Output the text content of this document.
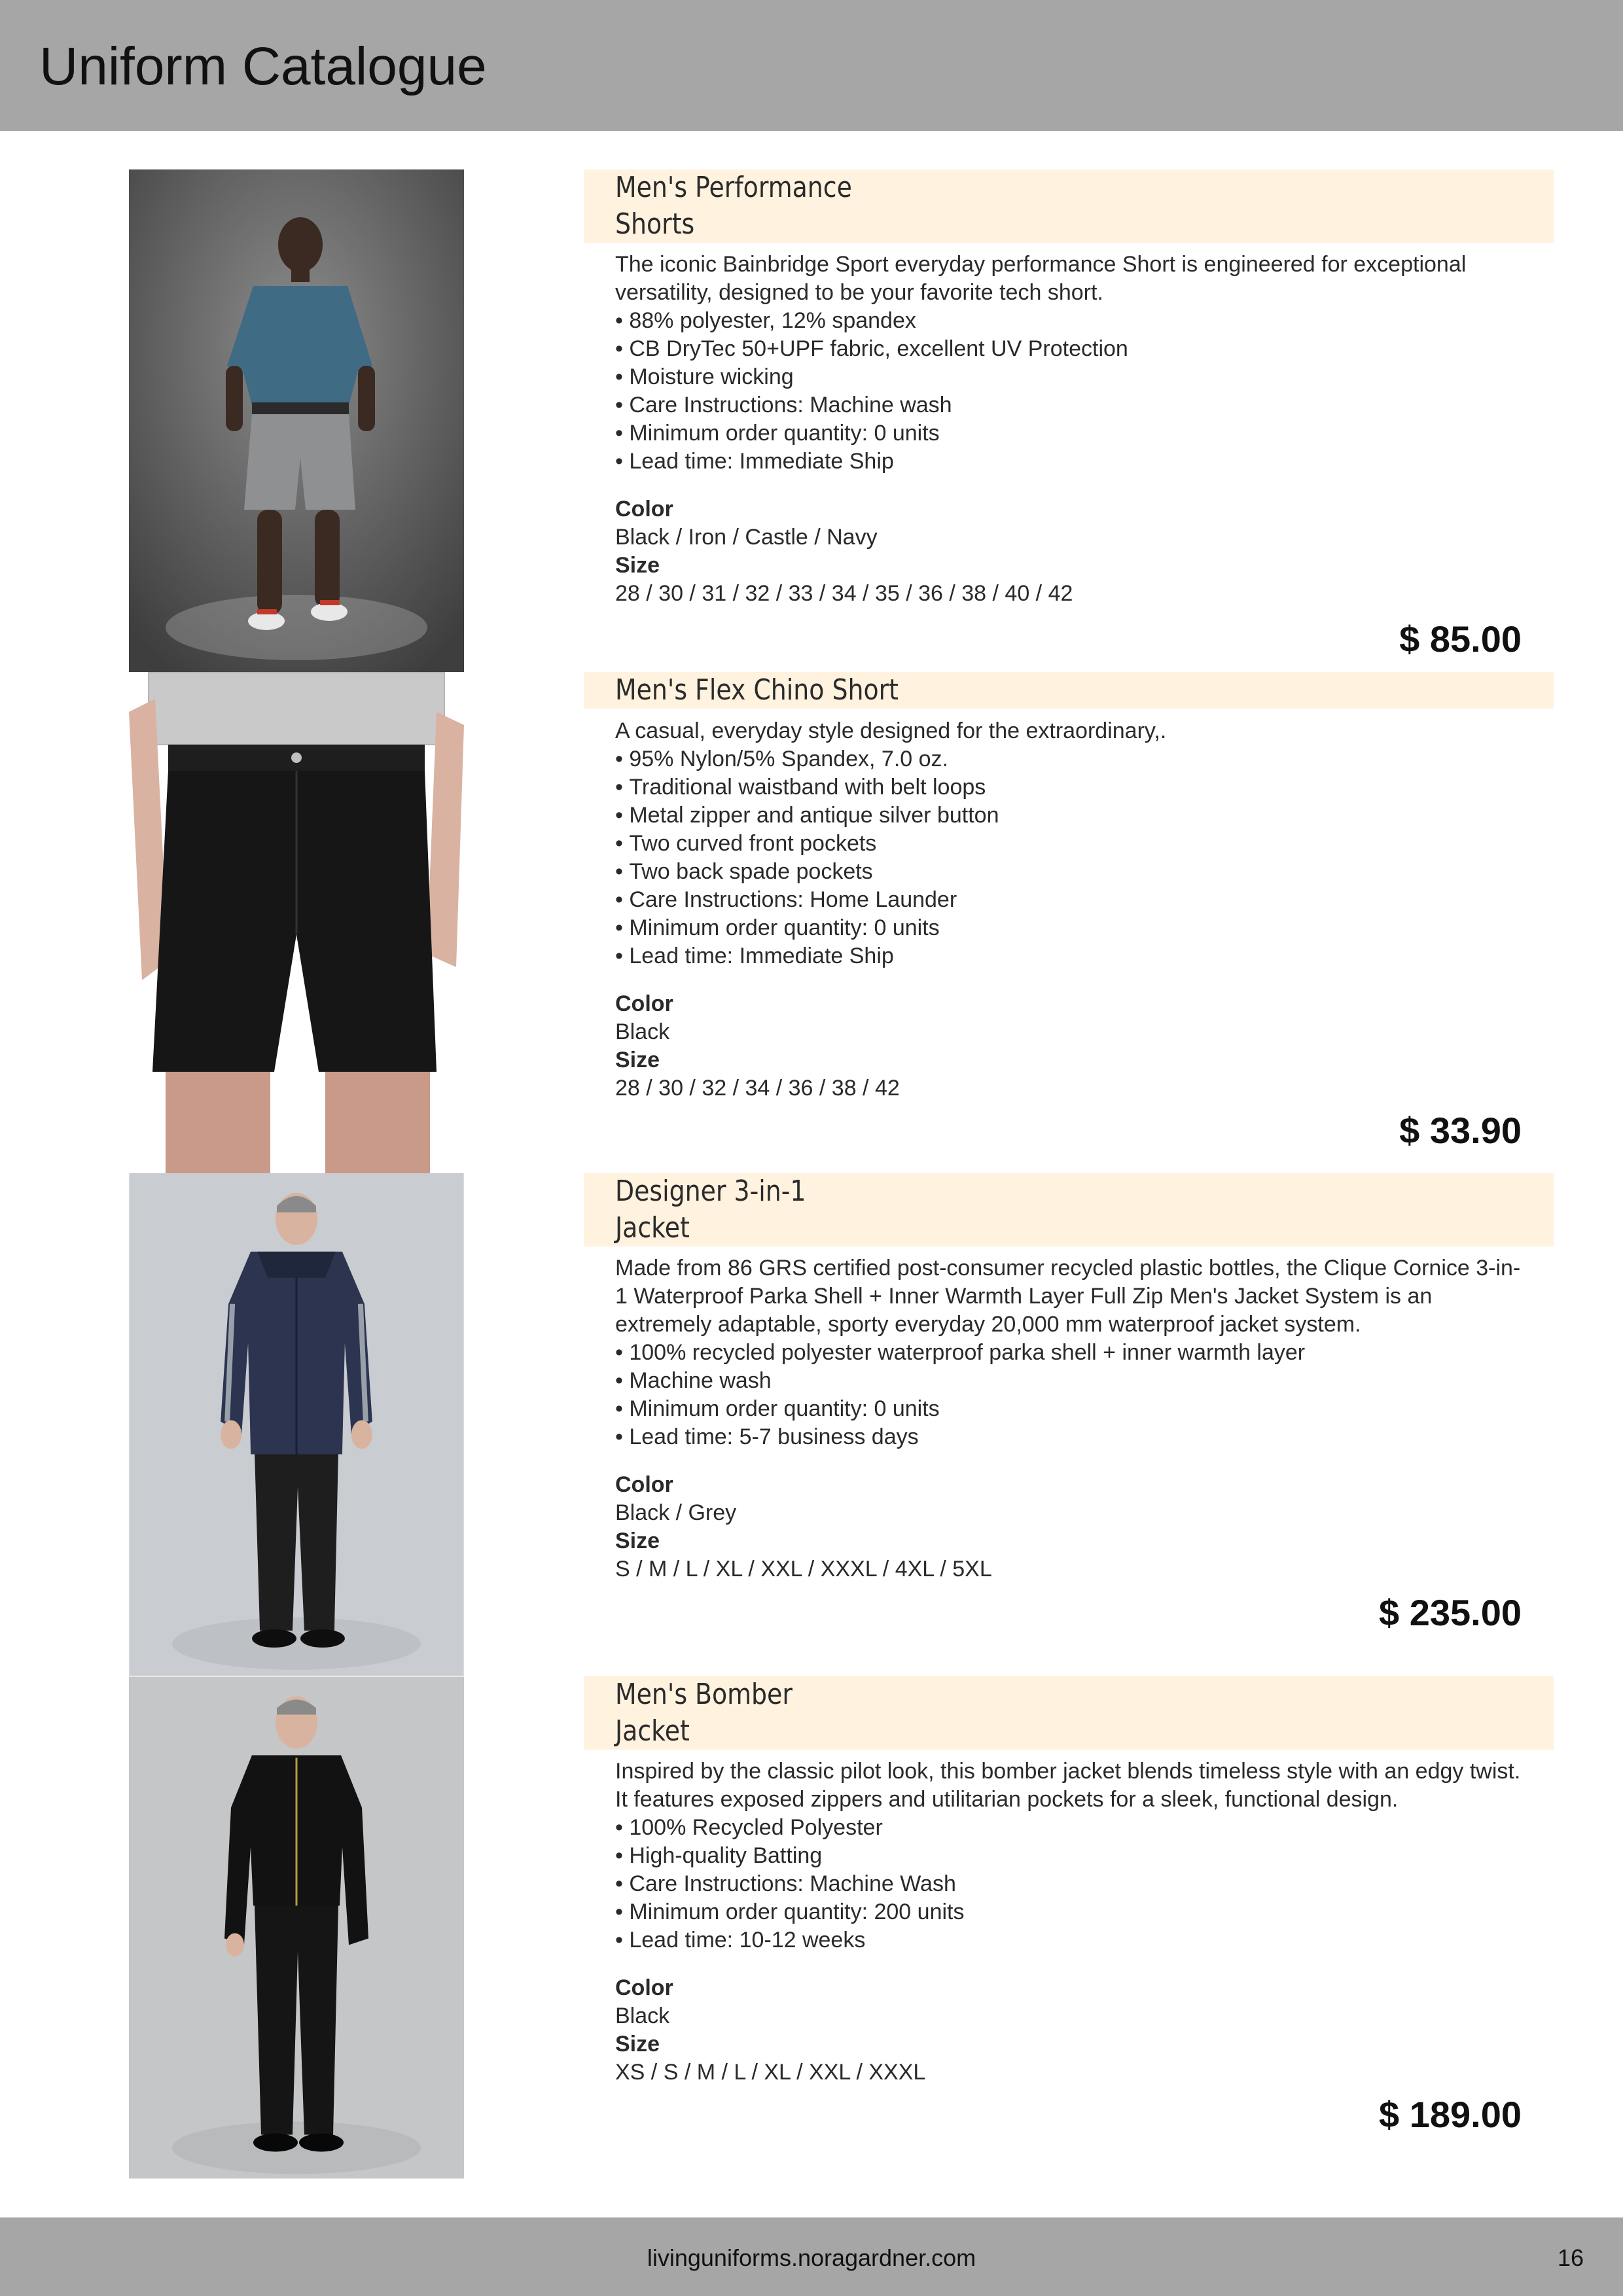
Uniform Catalogue
Men's Performance
Shorts

The iconic Bainbridge Sport everyday performance Short is engineered for exceptional versatility, designed to be your favorite tech short.

• 88% polyester, 12% spandex
• CB DryTec 50+UPF fabric, excellent UV Protection
• Moisture wicking
• Care Instructions: Machine wash
• Minimum order quantity: 0 units
• Lead time: Immediate Ship
Color
Black / Iron / Castle / Navy
Size
28 / 30 / 31 / 32 / 33 / 34 / 35 / 36 / 38 / 40 / 42
$ 85.00
Men's Flex Chino Short

A casual, everyday style designed for the extraordinary,.

• 95% Nylon/5% Spandex, 7.0 oz.
• Traditional waistband with belt loops
• Metal zipper and antique silver button
• Two curved front pockets
• Two back spade pockets
• Care Instructions: Home Launder
• Minimum order quantity: 0 units
• Lead time: Immediate Ship
Color
Black
Size
28 / 30 / 32 / 34 / 36 / 38 / 42
$ 33.90
Designer 3-in-1
Jacket

Made from 86 GRS certified post-consumer recycled plastic bottles, the Clique Cornice 3-in-1 Waterproof Parka Shell + Inner Warmth Layer Full Zip Men's Jacket System is an extremely adaptable, sporty everyday 20,000 mm waterproof jacket system.

• 100% recycled polyester waterproof parka shell + inner warmth layer
• Machine wash
• Minimum order quantity: 0 units
• Lead time: 5-7 business days
Color
Black / Grey
Size
S / M / L / XL / XXL / XXXL / 4XL / 5XL
$ 235.00
Men's Bomber
Jacket

Inspired by the classic pilot look, this bomber jacket blends timeless style with an edgy twist. It features exposed zippers and utilitarian pockets for a sleek, functional design.

• 100% Recycled Polyester
• High-quality Batting
• Care Instructions: Machine Wash
• Minimum order quantity: 200 units
• Lead time: 10-12 weeks
Color
Black
Size
XS / S / M / L / XL / XXL / XXXL
$ 189.00
livinguniforms.noragardner.com	16
